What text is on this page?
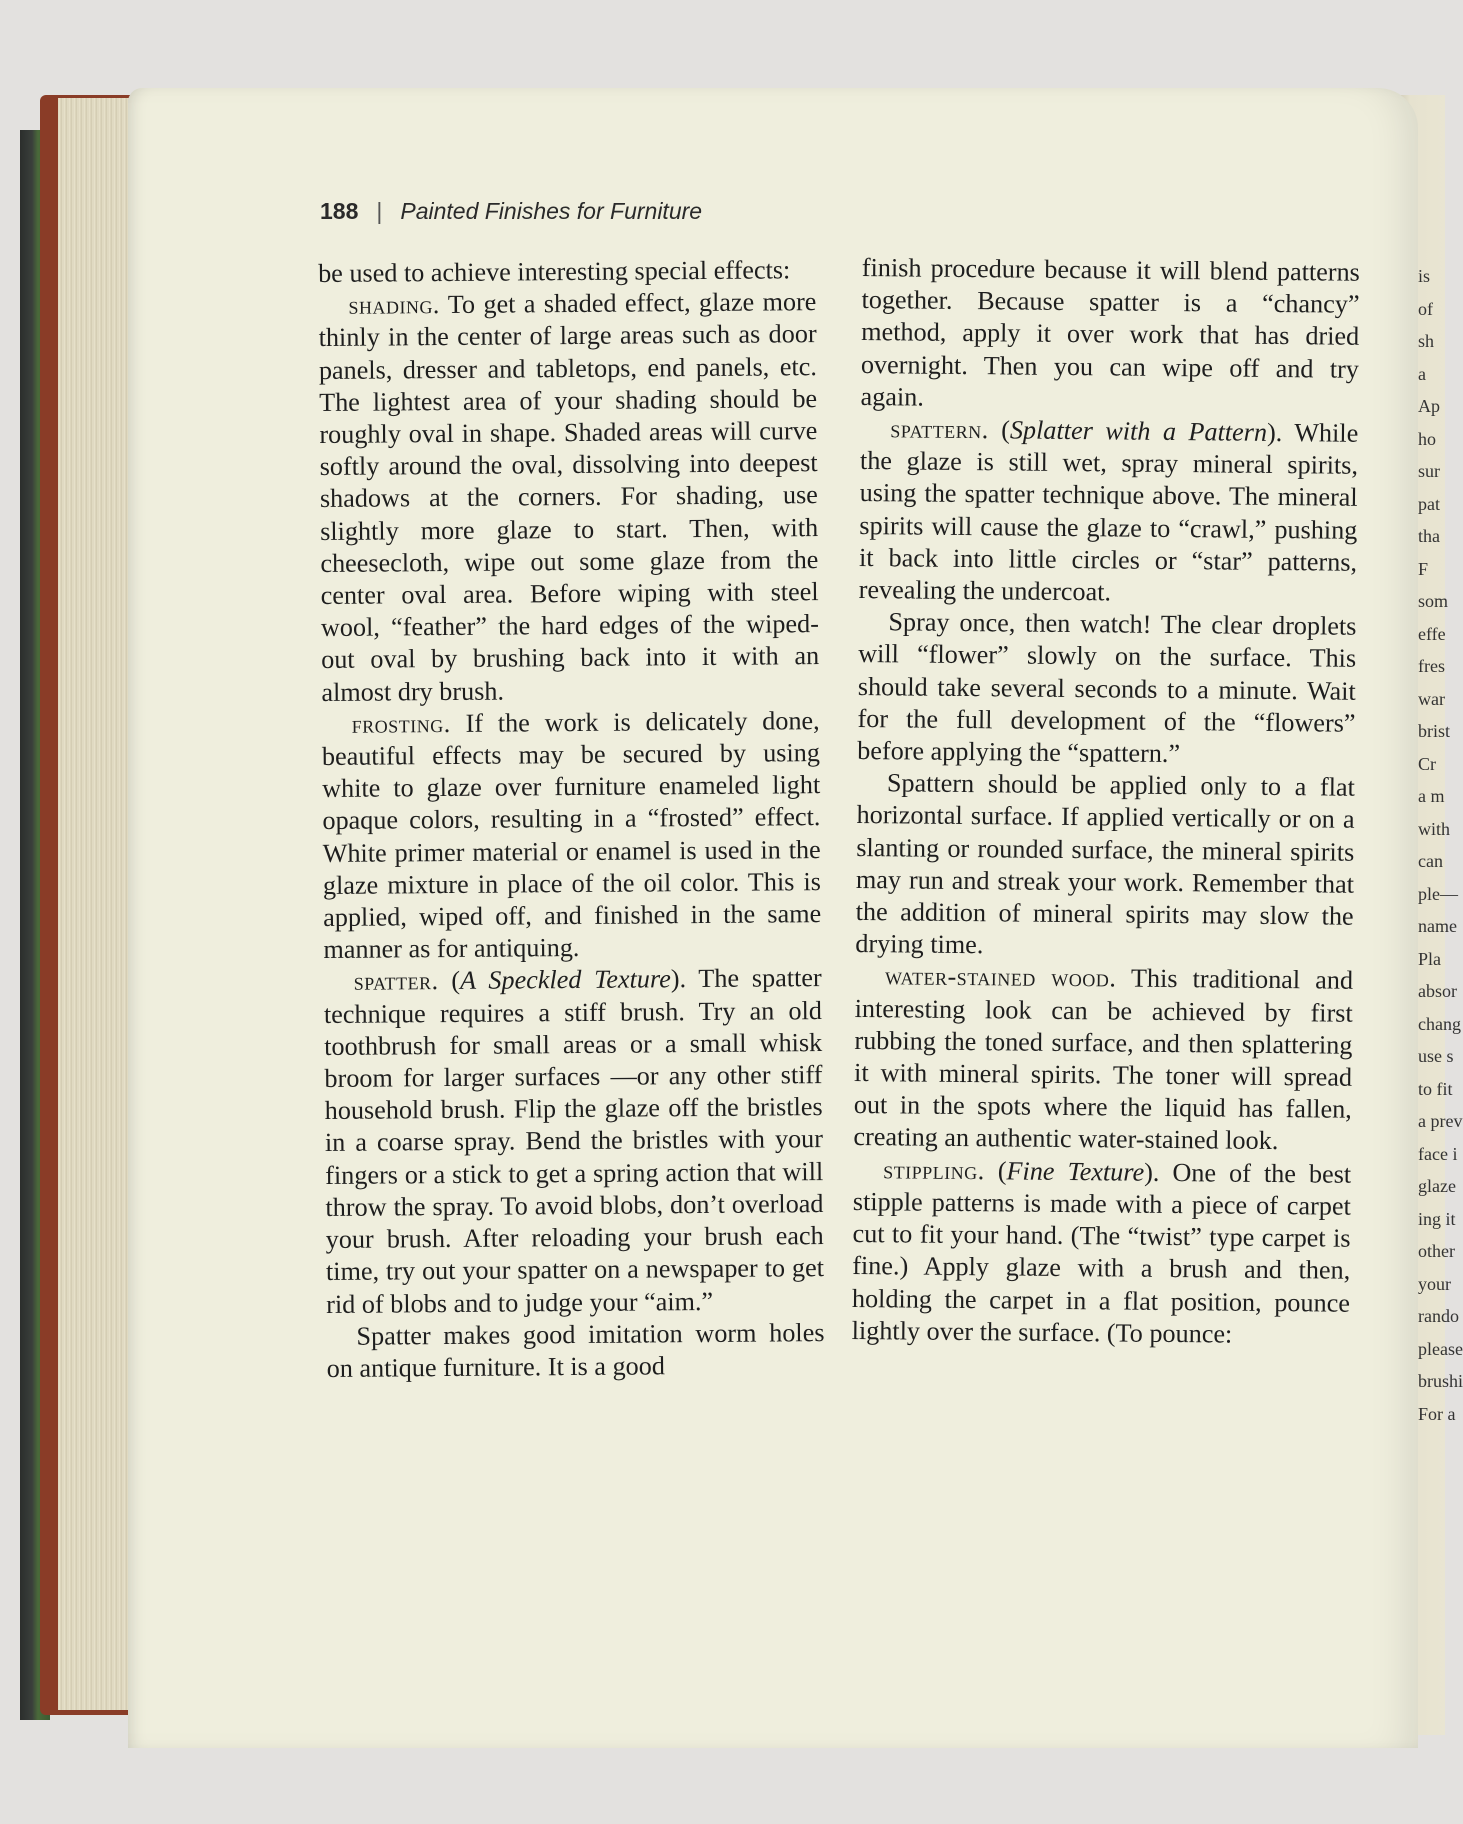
is
of
sh
a
Ap
ho
sur
pat
tha
F
som
effe
fres
war
brist
Cr
a m
with
can
ple—
name
Pla
absor
chang
use s
to fit
a prev
face i
glaze
ing it
other
your
rando
please
brushi
For a
188 | Painted Finishes for Furniture

be used to achieve interesting special effects:

shading. To get a shaded effect, glaze more thinly in the center of large areas such as door panels, dresser and tabletops, end panels, etc. The lightest area of your shading should be roughly oval in shape. Shaded areas will curve softly around the oval, dissolving into deepest shadows at the corners. For shading, use slightly more glaze to start. Then, with cheesecloth, wipe out some glaze from the center oval area. Before wiping with steel wool, “feather” the hard edges of the wiped-out oval by brushing back into it with an almost dry brush.

frosting. If the work is delicately done, beautiful effects may be secured by using white to glaze over furniture enameled light opaque colors, resulting in a “frosted” effect. White primer material or enamel is used in the glaze mixture in place of the oil color. This is applied, wiped off, and finished in the same manner as for antiquing.

spatter. (A Speckled Texture). The spatter technique requires a stiff brush. Try an old toothbrush for small areas or a small whisk broom for larger surfaces —or any other stiff household brush. Flip the glaze off the bristles in a coarse spray. Bend the bristles with your fingers or a stick to get a spring action that will throw the spray. To avoid blobs, don’t overload your brush. After reloading your brush each time, try out your spatter on a newspaper to get rid of blobs and to judge your “aim.”

Spatter makes good imitation worm holes on antique furniture. It is a good

finish procedure because it will blend patterns together. Because spatter is a “chancy” method, apply it over work that has dried overnight. Then you can wipe off and try again.

spattern. (Splatter with a Pattern). While the glaze is still wet, spray mineral spirits, using the spatter technique above. The mineral spirits will cause the glaze to “crawl,” pushing it back into little circles or “star” patterns, revealing the undercoat.

Spray once, then watch! The clear droplets will “flower” slowly on the surface. This should take several seconds to a minute. Wait for the full development of the “flowers” before applying the “spattern.”

Spattern should be applied only to a flat horizontal surface. If applied vertically or on a slanting or rounded surface, the mineral spirits may run and streak your work. Remember that the addition of mineral spirits may slow the drying time.

water-stained wood. This traditional and interesting look can be achieved by first rubbing the toned surface, and then splattering it with mineral spirits. The toner will spread out in the spots where the liquid has fallen, creating an authentic water-stained look.

stippling. (Fine Texture). One of the best stipple patterns is made with a piece of carpet cut to fit your hand. (The “twist” type carpet is fine.) Apply glaze with a brush and then, holding the carpet in a flat position, pounce lightly over the surface. (To pounce:
